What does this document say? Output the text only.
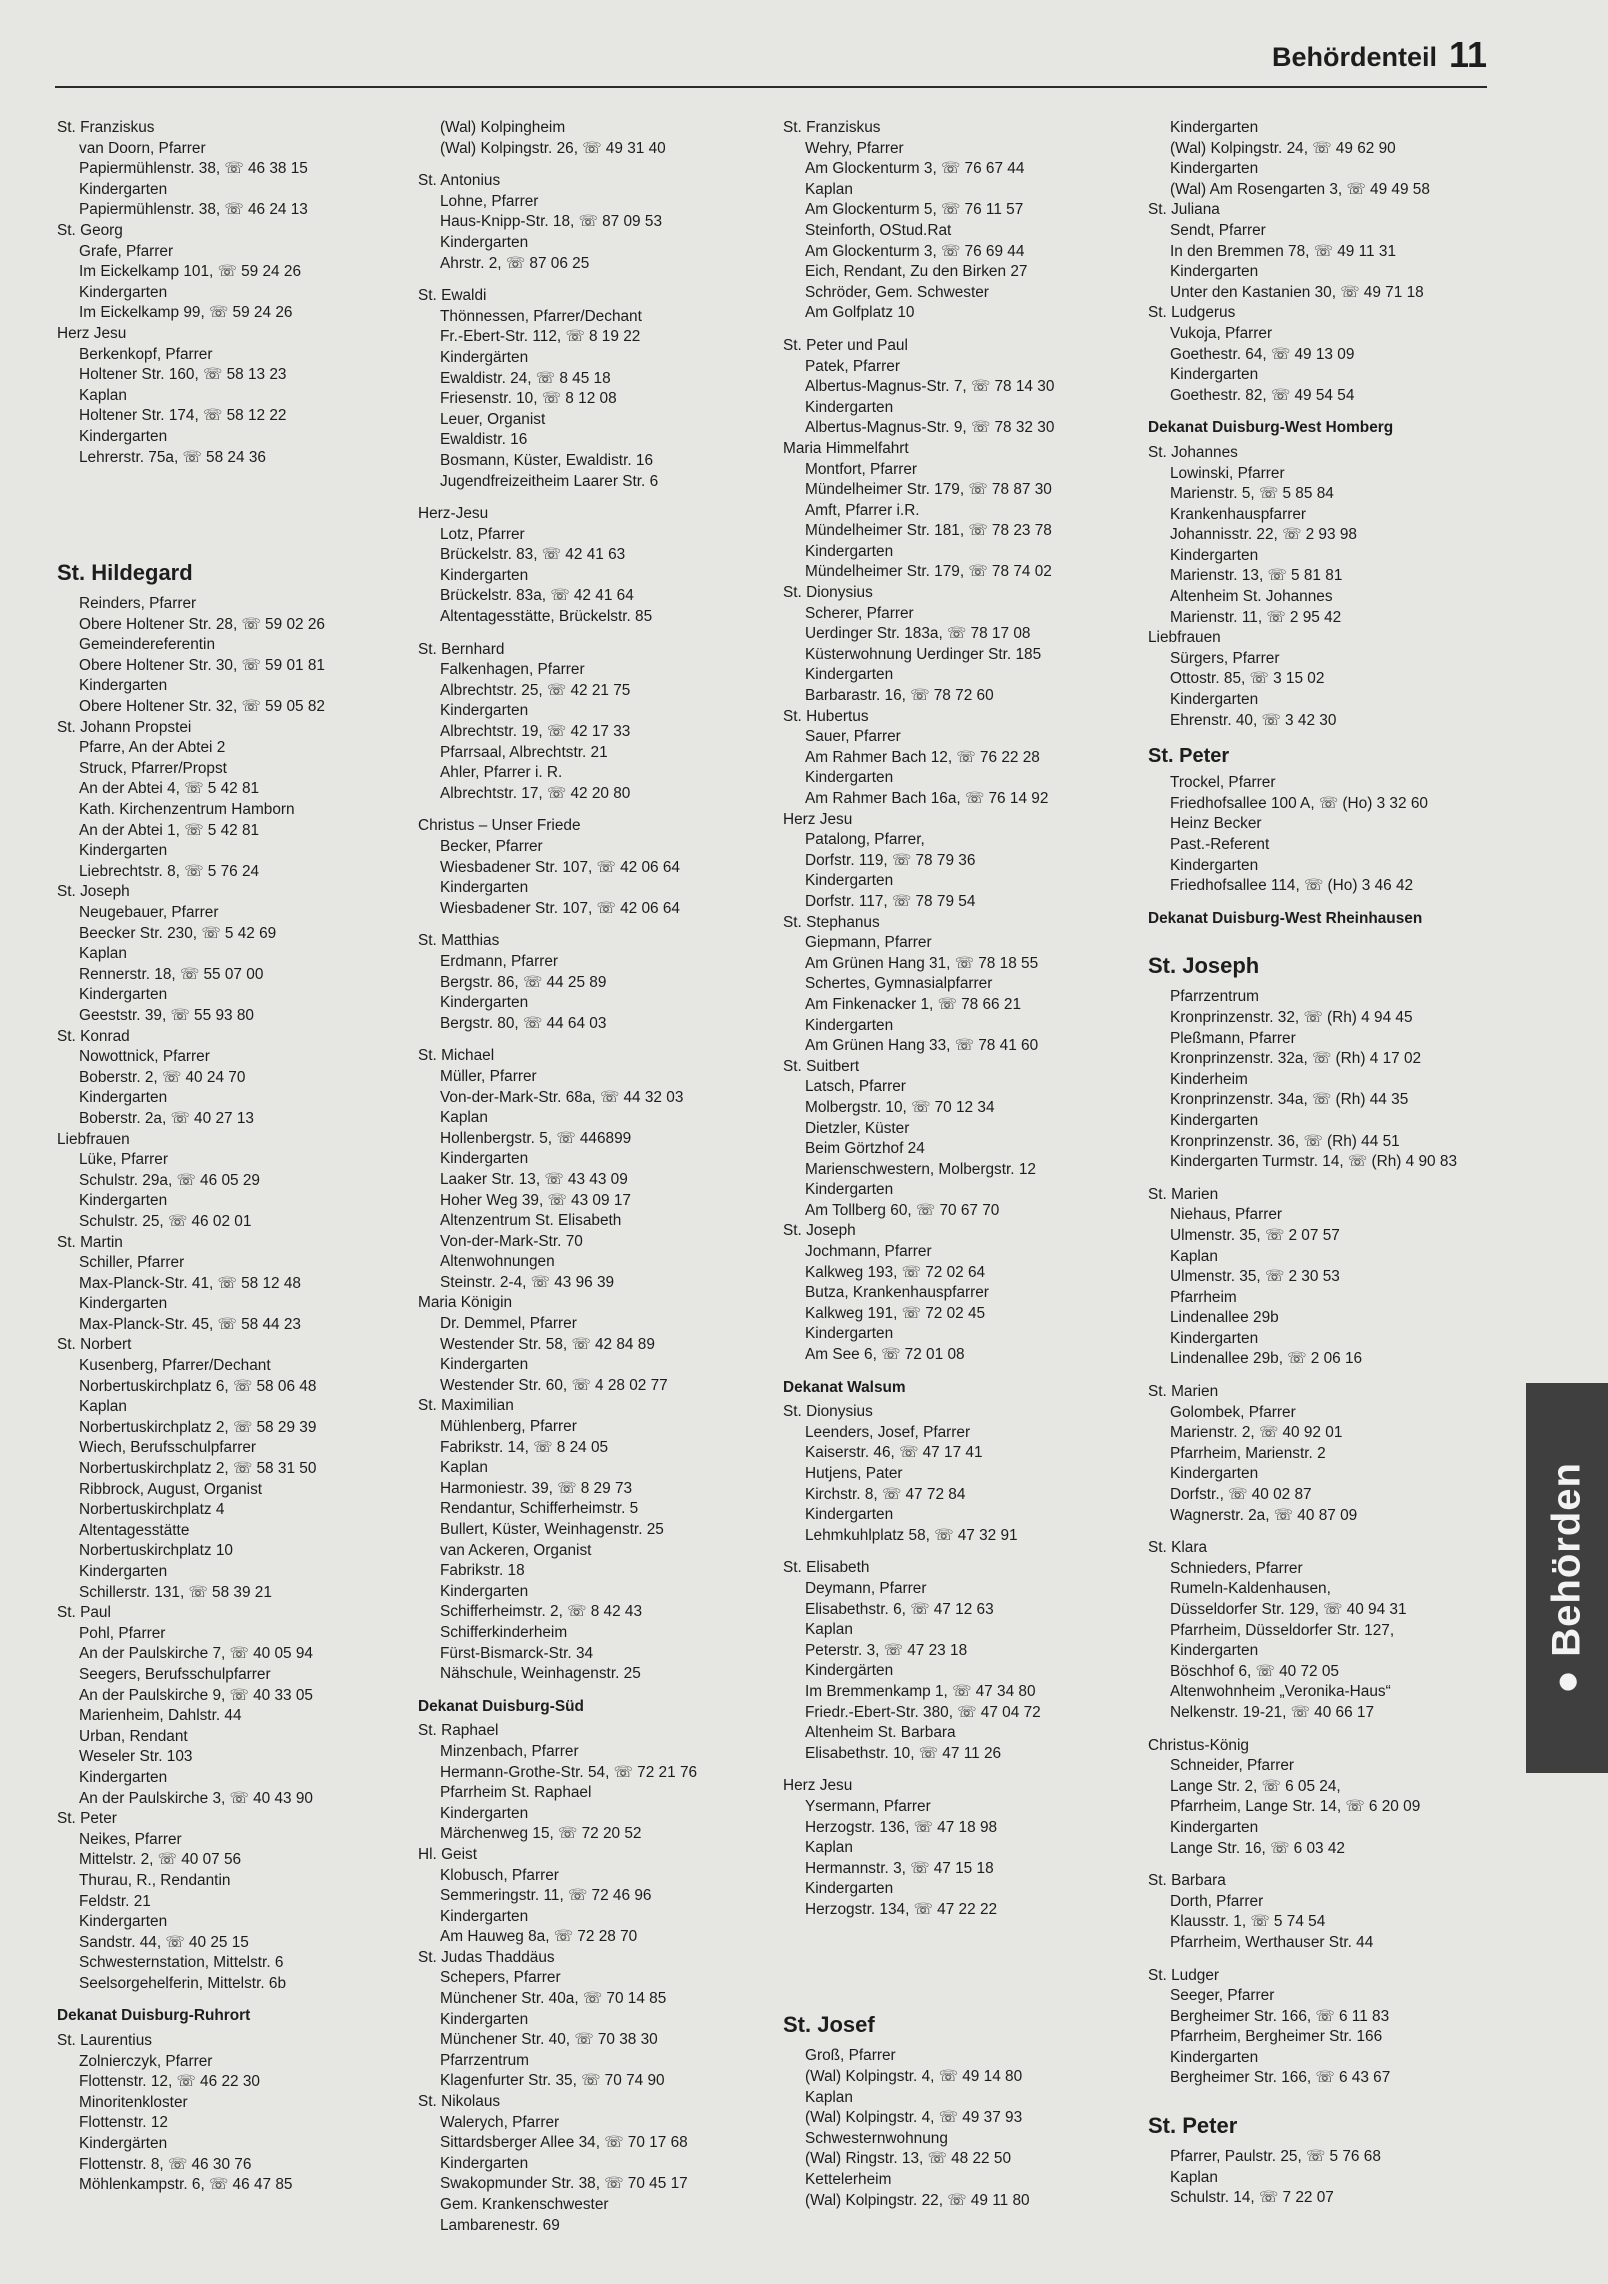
Behördenteil 11
St. Franziskus
van Doorn, Pfarrer
Papiermühlenstr. 38, ☏ 46 38 15
Kindergarten
Papiermühlenstr. 38, ☏ 46 24 13
St. Georg
Grafe, Pfarrer
Im Eickelkamp 101, ☏ 59 24 26
Kindergarten
Im Eickelkamp 99, ☏ 59 24 26
Herz Jesu
Berkenkopf, Pfarrer
Holtener Str. 160, ☏ 58 13 23
Kaplan
Holtener Str. 174, ☏ 58 12 22
Kindergarten
Lehrerstr. 75a, ☏ 58 24 36
St. Hildegard
Reinders, Pfarrer
Obere Holtener Str. 28, ☏ 59 02 26
Gemeindereferentin
Obere Holtener Str. 30, ☏ 59 01 81
Kindergarten
Obere Holtener Str. 32, ☏ 59 05 82
St. Johann Propstei
Pfarre, An der Abtei 2
Struck, Pfarrer/Propst
An der Abtei 4, ☏ 5 42 81
Kath. Kirchenzentrum Hamborn
An der Abtei 1, ☏ 5 42 81
Kindergarten
Liebrechtstr. 8, ☏ 5 76 24
St. Joseph
Neugebauer, Pfarrer
Beecker Str. 230, ☏ 5 42 69
Kaplan
Rennerstr. 18, ☏ 55 07 00
Kindergarten
Geeststr. 39, ☏ 55 93 80
St. Konrad
Nowottnick, Pfarrer
Boberstr. 2, ☏ 40 24 70
Kindergarten
Boberstr. 2a, ☏ 40 27 13
Liebfrauen
Lüke, Pfarrer
Schulstr. 29a, ☏ 46 05 29
Kindergarten
Schulstr. 25, ☏ 46 02 01
St. Martin
Schiller, Pfarrer
Max-Planck-Str. 41, ☏ 58 12 48
Kindergarten
Max-Planck-Str. 45, ☏ 58 44 23
St. Norbert
Kusenberg, Pfarrer/Dechant
Norbertuskirchplatz 6, ☏ 58 06 48
Kaplan
Norbertuskirchplatz 2, ☏ 58 29 39
Wiech, Berufsschulpfarrer
Norbertuskirchplatz 2, ☏ 58 31 50
Ribbrock, August, Organist
Norbertuskirchplatz 4
Altentagesstätte
Norbertuskirchplatz 10
Kindergarten
Schillerstr. 131, ☏ 58 39 21
St. Paul
Pohl, Pfarrer
An der Paulskirche 7, ☏ 40 05 94
Seegers, Berufsschulpfarrer
An der Paulskirche 9, ☏ 40 33 05
Marienheim, Dahlstr. 44
Urban, Rendant
Weseler Str. 103
Kindergarten
An der Paulskirche 3, ☏ 40 43 90
St. Peter
Neikes, Pfarrer
Mittelstr. 2, ☏ 40 07 56
Thurau, R., Rendantin
Feldstr. 21
Kindergarten
Sandstr. 44, ☏ 40 25 15
Schwesternstation, Mittelstr. 6
Seelsorgehelferin, Mittelstr. 6b
Dekanat Duisburg-Ruhrort
St. Laurentius
Zolnierczyk, Pfarrer
Flottenstr. 12, ☏ 46 22 30
Minoritenkloster
Flottenstr. 12
Kindergärten
Flottenstr. 8, ☏ 46 30 76
Möhlenkampstr. 6, ☏ 46 47 85
(Wal) Kolpingheim
(Wal) Kolpingstr. 26, ☏ 49 31 40
St. Antonius
Lohne, Pfarrer
Haus-Knipp-Str. 18, ☏ 87 09 53
Kindergarten
Ahrstr. 2, ☏ 87 06 25
St. Ewaldi
Thönnessen, Pfarrer/Dechant
Fr.-Ebert-Str. 112, ☏ 8 19 22
Kindergärten
Ewaldistr. 24, ☏ 8 45 18
Friesenstr. 10, ☏ 8 12 08
Leuer, Organist
Ewaldistr. 16
Bosmann, Küster, Ewaldistr. 16
Jugendfreizeitheim Laarer Str. 6
Herz-Jesu
Lotz, Pfarrer
Brückelstr. 83, ☏ 42 41 63
Kindergarten
Brückelstr. 83a, ☏ 42 41 64
Altentagesstätte, Brückelstr. 85
St. Bernhard
Falkenhagen, Pfarrer
Albrechtstr. 25, ☏ 42 21 75
Kindergarten
Albrechtstr. 19, ☏ 42 17 33
Pfarrsaal, Albrechtstr. 21
Ahler, Pfarrer i. R.
Albrechtstr. 17, ☏ 42 20 80
Christus – Unser Friede
Becker, Pfarrer
Wiesbadener Str. 107, ☏ 42 06 64
Kindergarten
Wiesbadener Str. 107, ☏ 42 06 64
St. Matthias
Erdmann, Pfarrer
Bergstr. 86, ☏ 44 25 89
Kindergarten
Bergstr. 80, ☏ 44 64 03
St. Michael
Müller, Pfarrer
Von-der-Mark-Str. 68a, ☏ 44 32 03
Kaplan
Hollenbergstr. 5, ☏ 446899
Kindergarten
Laaker Str. 13, ☏ 43 43 09
Hoher Weg 39, ☏ 43 09 17
Altenzentrum St. Elisabeth
Von-der-Mark-Str. 70
Altenwohnungen
Steinstr. 2-4, ☏ 43 96 39
Maria Königin
Dr. Demmel, Pfarrer
Westender Str. 58, ☏ 42 84 89
Kindergarten
Westender Str. 60, ☏ 4 28 02 77
St. Maximilian
Mühlenberg, Pfarrer
Fabrikstr. 14, ☏ 8 24 05
Kaplan
Harmoniestr. 39, ☏ 8 29 73
Rendantur, Schifferheimstr. 5
Bullert, Küster, Weinhagenstr. 25
van Ackeren, Organist
Fabrikstr. 18
Kindergarten
Schifferheimstr. 2, ☏ 8 42 43
Schifferkinderheim
Fürst-Bismarck-Str. 34
Nähschule, Weinhagenstr. 25
Dekanat Duisburg-Süd
St. Raphael
Minzenbach, Pfarrer
Hermann-Grothe-Str. 54, ☏ 72 21 76
Pfarrheim St. Raphael
Kindergarten
Märchenweg 15, ☏ 72 20 52
Hl. Geist
Klobusch, Pfarrer
Semmeringstr. 11, ☏ 72 46 96
Kindergarten
Am Hauweg 8a, ☏ 72 28 70
St. Judas Thaddäus
Schepers, Pfarrer
Münchener Str. 40a, ☏ 70 14 85
Kindergarten
Münchener Str. 40, ☏ 70 38 30
Pfarrzentrum
Klagenfurter Str. 35, ☏ 70 74 90
St. Nikolaus
Walerych, Pfarrer
Sittardsberger Allee 34, ☏ 70 17 68
Kindergarten
Swakopmunder Str. 38, ☏ 70 45 17
Gem. Krankenschwester
Lambarenestr. 69
St. Franziskus
Wehry, Pfarrer
Am Glockenturm 3, ☏ 76 67 44
Kaplan
Am Glockenturm 5, ☏ 76 11 57
Steinforth, OStud.Rat
Am Glockenturm 3, ☏ 76 69 44
Eich, Rendant, Zu den Birken 27
Schröder, Gem. Schwester
Am Golfplatz 10
St. Peter und Paul
Patek, Pfarrer
Albertus-Magnus-Str. 7, ☏ 78 14 30
Kindergarten
Albertus-Magnus-Str. 9, ☏ 78 32 30
Maria Himmelfahrt
Montfort, Pfarrer
Mündelheimer Str. 179, ☏ 78 87 30
Amft, Pfarrer i.R.
Mündelheimer Str. 181, ☏ 78 23 78
Kindergarten
Mündelheimer Str. 179, ☏ 78 74 02
St. Dionysius
Scherer, Pfarrer
Uerdinger Str. 183a, ☏ 78 17 08
Küsterwohnung Uerdinger Str. 185
Kindergarten
Barbarastr. 16, ☏ 78 72 60
St. Hubertus
Sauer, Pfarrer
Am Rahmer Bach 12, ☏ 76 22 28
Kindergarten
Am Rahmer Bach 16a, ☏ 76 14 92
Herz Jesu
Patalong, Pfarrer,
Dorfstr. 119, ☏ 78 79 36
Kindergarten
Dorfstr. 117, ☏ 78 79 54
St. Stephanus
Giepmann, Pfarrer
Am Grünen Hang 31, ☏ 78 18 55
Schertes, Gymnasialpfarrer
Am Finkenacker 1, ☏ 78 66 21
Kindergarten
Am Grünen Hang 33, ☏ 78 41 60
St. Suitbert
Latsch, Pfarrer
Molbergstr. 10, ☏ 70 12 34
Dietzler, Küster
Beim Görtzhof 24
Marienschwestern, Molbergstr. 12
Kindergarten
Am Tollberg 60, ☏ 70 67 70
St. Joseph
Jochmann, Pfarrer
Kalkweg 193, ☏ 72 02 64
Butza, Krankenhauspfarrer
Kalkweg 191, ☏ 72 02 45
Kindergarten
Am See 6, ☏ 72 01 08
Dekanat Walsum
St. Dionysius
Leenders, Josef, Pfarrer
Kaiserstr. 46, ☏ 47 17 41
Hutjens, Pater
Kirchstr. 8, ☏ 47 72 84
Kindergarten
Lehmkuhlplatz 58, ☏ 47 32 91
St. Elisabeth
Deymann, Pfarrer
Elisabethstr. 6, ☏ 47 12 63
Kaplan
Peterstr. 3, ☏ 47 23 18
Kindergärten
Im Bremmenkamp 1, ☏ 47 34 80
Friedr.-Ebert-Str. 380, ☏ 47 04 72
Altenheim St. Barbara
Elisabethstr. 10, ☏ 47 11 26
Herz Jesu
Ysermann, Pfarrer
Herzogstr. 136, ☏ 47 18 98
Kaplan
Hermannstr. 3, ☏ 47 15 18
Kindergarten
Herzogstr. 134, ☏ 47 22 22
St. Josef
Groß, Pfarrer
(Wal) Kolpingstr. 4, ☏ 49 14 80
Kaplan
(Wal) Kolpingstr. 4, ☏ 49 37 93
Schwesternwohnung
(Wal) Ringstr. 13, ☏ 48 22 50
Kettelerheim
(Wal) Kolpingstr. 22, ☏ 49 11 80
Kindergarten
(Wal) Kolpingstr. 24, ☏ 49 62 90
Kindergarten
(Wal) Am Rosengarten 3, ☏ 49 49 58
St. Juliana
Sendt, Pfarrer
In den Bremmen 78, ☏ 49 11 31
Kindergarten
Unter den Kastanien 30, ☏ 49 71 18
St. Ludgerus
Vukoja, Pfarrer
Goethestr. 64, ☏ 49 13 09
Kindergarten
Goethestr. 82, ☏ 49 54 54
Dekanat Duisburg-West Homberg
St. Johannes
Lowinski, Pfarrer
Marienstr. 5, ☏ 5 85 84
Krankenhauspfarrer
Johannisstr. 22, ☏ 2 93 98
Kindergarten
Marienstr. 13, ☏ 5 81 81
Altenheim St. Johannes
Marienstr. 11, ☏ 2 95 42
Liebfrauen
Sürgers, Pfarrer
Ottostr. 85, ☏ 3 15 02
Kindergarten
Ehrenstr. 40, ☏ 3 42 30
St. Peter
Trockel, Pfarrer
Friedhofsallee 100 A, ☏ (Ho) 3 32 60
Heinz Becker
Past.-Referent
Kindergarten
Friedhofsallee 114, ☏ (Ho) 3 46 42
Dekanat Duisburg-West Rheinhausen
St. Joseph
Pfarrzentrum
Kronprinzenstr. 32, ☏ (Rh) 4 94 45
Pleßmann, Pfarrer
Kronprinzenstr. 32a, ☏ (Rh) 4 17 02
Kinderheim
Kronprinzenstr. 34a, ☏ (Rh) 44 35
Kindergarten
Kronprinzenstr. 36, ☏ (Rh) 44 51
Kindergarten Turmstr. 14, ☏ (Rh) 4 90 83
St. Marien
Niehaus, Pfarrer
Ulmenstr. 35, ☏ 2 07 57
Kaplan
Ulmenstr. 35, ☏ 2 30 53
Pfarrheim
Lindenallee 29b
Kindergarten
Lindenallee 29b, ☏ 2 06 16
St. Marien
Golombek, Pfarrer
Marienstr. 2, ☏ 40 92 01
Pfarrheim, Marienstr. 2
Kindergarten
Dorfstr., ☏ 40 02 87
Wagnerstr. 2a, ☏ 40 87 09
St. Klara
Schnieders, Pfarrer
Rumeln-Kaldenhausen,
Düsseldorfer Str. 129, ☏ 40 94 31
Pfarrheim, Düsseldorfer Str. 127,
Kindergarten
Böschhof 6, ☏ 40 72 05
Altenwohnheim „Veronika-Haus“
Nelkenstr. 19-21, ☏ 40 66 17
Christus-König
Schneider, Pfarrer
Lange Str. 2, ☏ 6 05 24,
Pfarrheim, Lange Str. 14, ☏ 6 20 09
Kindergarten
Lange Str. 16, ☏ 6 03 42
St. Barbara
Dorth, Pfarrer
Klausstr. 1, ☏ 5 74 54
Pfarrheim, Werthauser Str. 44
St. Ludger
Seeger, Pfarrer
Bergheimer Str. 166, ☏ 6 11 83
Pfarrheim, Bergheimer Str. 166
Kindergarten
Bergheimer Str. 166, ☏ 6 43 67
St. Peter
Pfarrer, Paulstr. 25, ☏ 5 76 68
Kaplan
Schulstr. 14, ☏ 7 22 07
● Behörden
